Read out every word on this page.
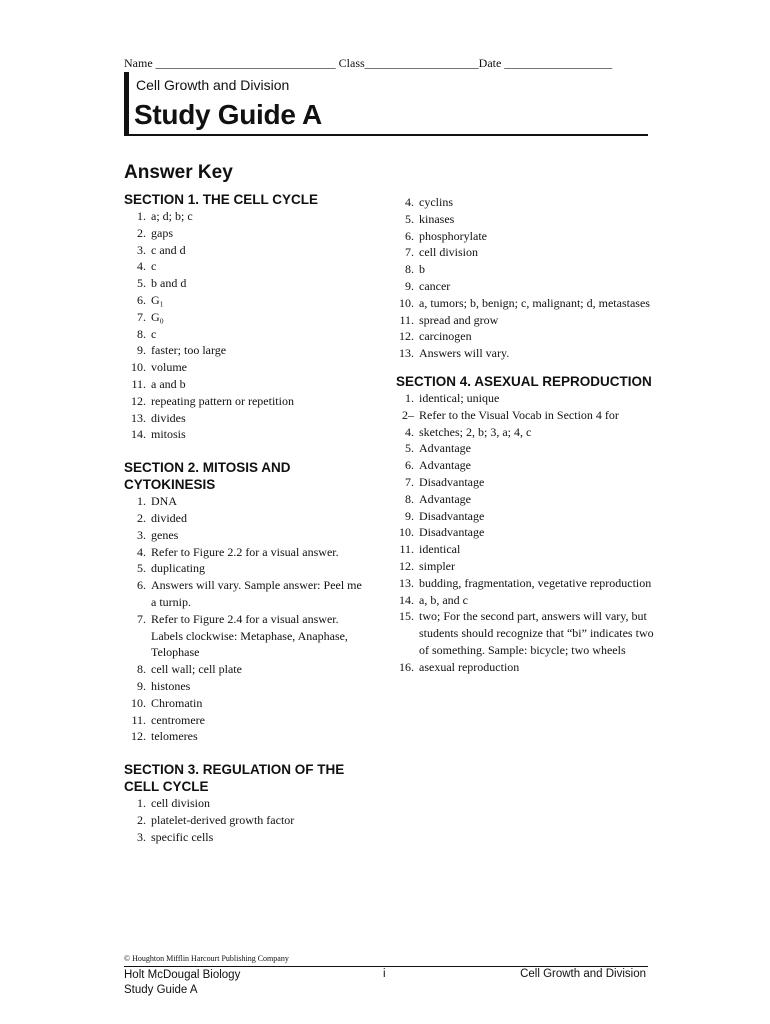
Name ______________________________ Class___________________Date __________________
Cell Growth and Division
Study Guide A
Answer Key
SECTION 1. THE CELL CYCLE
1. a; d; b; c
2. gaps
3. c and d
4. c
5. b and d
6. G₁
7. G₀
8. c
9. faster; too large
10. volume
11. a and b
12. repeating pattern or repetition
13. divides
14. mitosis
SECTION 2. MITOSIS AND CYTOKINESIS
1. DNA
2. divided
3. genes
4. Refer to Figure 2.2 for a visual answer.
5. duplicating
6. Answers will vary. Sample answer: Peel me a turnip.
7. Refer to Figure 2.4 for a visual answer. Labels clockwise: Metaphase, Anaphase, Telophase
8. cell wall; cell plate
9. histones
10. Chromatin
11. centromere
12. telomeres
SECTION 3. REGULATION OF THE CELL CYCLE
1. cell division
2. platelet-derived growth factor
3. specific cells
4. cyclins
5. kinases
6. phosphorylate
7. cell division
8. b
9. cancer
10. a, tumors; b, benign; c, malignant; d, metastases
11. spread and grow
12. carcinogen
13. Answers will vary.
SECTION 4. ASEXUAL REPRODUCTION
1. identical; unique
2–4.
Refer to the Visual Vocab in Section 4 for sketches; 2, b; 3, a; 4, c
5. Advantage
6. Advantage
7. Disadvantage
8. Advantage
9. Disadvantage
10. Disadvantage
11. identical
12. simpler
13. budding, fragmentation, vegetative reproduction
14. a, b, and c
15. two; For the second part, answers will vary, but students should recognize that “bi” indicates two of something. Sample: bicycle; two wheels
16. asexual reproduction
© Houghton Mifflin Harcourt Publishing Company
Holt McDougal Biology
Study Guide A
i	Cell Growth and Division
